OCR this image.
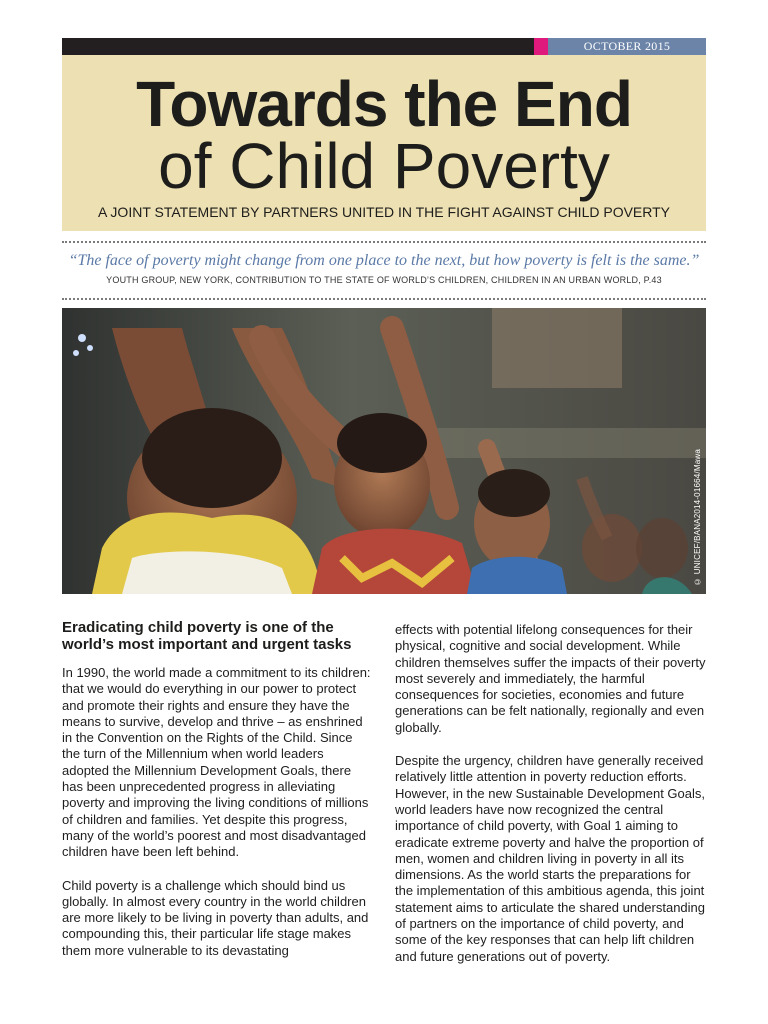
OCTOBER 2015
Towards the End
of Child Poverty
A JOINT STATEMENT BY PARTNERS UNITED IN THE FIGHT AGAINST CHILD POVERTY
“The face of poverty might change from one place to the next, but how poverty is felt is the same.”
YOUTH GROUP, NEW YORK, CONTRIBUTION TO THE STATE OF WORLD’S CHILDREN, CHILDREN IN AN URBAN WORLD, P.43
© UNICEF/BANA2014-01664/Mawa
Eradicating child poverty is one of the world’s most important and urgent tasks

In 1990, the world made a commitment to its children: that we would do everything in our power to protect and promote their rights and ensure they have the means to survive, develop and thrive – as enshrined in the Convention on the Rights of the Child. Since the turn of the Millennium when world leaders adopted the Millennium Development Goals, there has been unprecedented progress in alleviating poverty and improving the living conditions of millions of children and families. Yet despite this progress, many of the world’s poorest and most disadvantaged children have been left behind.

Child poverty is a challenge which should bind us globally. In almost every country in the world children are more likely to be living in poverty than adults, and compounding this, their particular life stage makes them more vulnerable to its devastating

effects with potential lifelong consequences for their physical, cognitive and social development. While children themselves suffer the impacts of their poverty most severely and immediately, the harmful consequences for societies, economies and future generations can be felt nationally, regionally and even globally.

Despite the urgency, children have generally received relatively little attention in poverty reduction efforts. However, in the new Sustainable Development Goals, world leaders have now recognized the central importance of child poverty, with Goal 1 aiming to eradicate extreme poverty and halve the proportion of men, women and children living in poverty in all its dimensions. As the world starts the preparations for the implementation of this ambitious agenda, this joint statement aims to articulate the shared understanding of partners on the importance of child poverty, and some of the key responses that can help lift children and future generations out of poverty.
